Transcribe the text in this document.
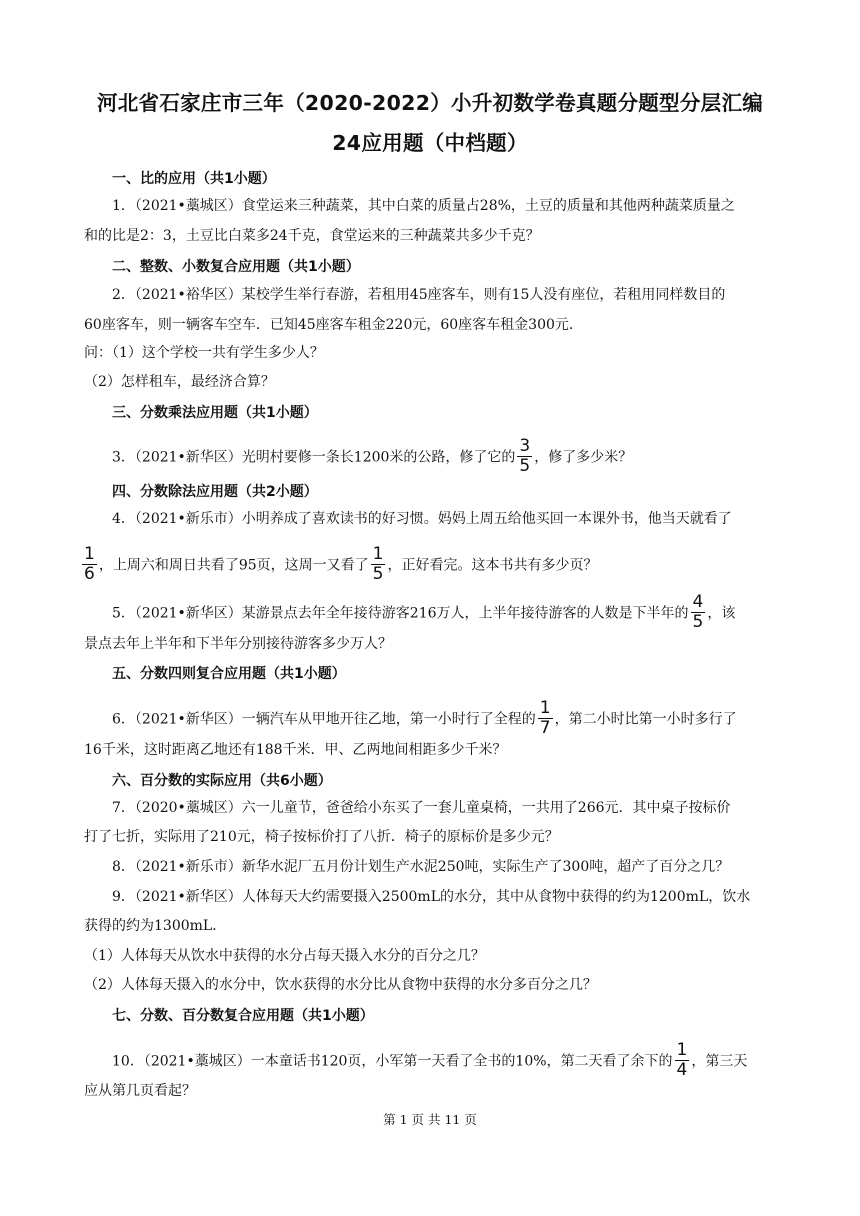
河北省石家庄市三年（2020-2022）小升初数学卷真题分题型分层汇编
24应用题（中档题）
一、比的应用（共1小题）
1．（2021•藁城区）食堂运来三种蔬菜，其中白菜的质量占28%，土豆的质量和其他两种蔬菜质量之
和的比是2：3，土豆比白菜多24千克，食堂运来的三种蔬菜共多少千克？
二、整数、小数复合应用题（共1小题）
2．（2021•裕华区）某校学生举行春游，若租用45座客车，则有15人没有座位，若租用同样数目的
60座客车，则一辆客车空车．已知45座客车租金220元，60座客车租金300元．
问：（1）这个学校一共有学生多少人？
（2）怎样租车，最经济合算？
三、分数乘法应用题（共1小题）
3．（2021•新华区）光明村要修一条长1200米的公路，修了它的 $\frac{3}{5}$ ，修了多少米？
四、分数除法应用题（共2小题）
4．（2021•新乐市）小明养成了喜欢读书的好习惯。妈妈上周五给他买回一本课外书，他当天就看了
$\frac{1}{6}$ ，上周六和周日共看了95页，这周一又看了 $\frac{1}{5}$ ，正好看完。这本书共有多少页？
5．（2021•新华区）某游景点去年全年接待游客216万人，上半年接待游客的人数是下半年的 $\frac{4}{5}$ ，该
景点去年上半年和下半年分别接待游客多少万人？
五、分数四则复合应用题（共1小题）
6．（2021•新华区）一辆汽车从甲地开往乙地，第一小时行了全程的 $\frac{1}{7}$ ，第二小时比第一小时多行了
16千米，这时距离乙地还有188千米．甲、乙两地间相距多少千米？
六、百分数的实际应用（共6小题）
7．（2020•藁城区）六一儿童节，爸爸给小东买了一套儿童桌椅，一共用了266元．其中桌子按标价
打了七折，实际用了210元，椅子按标价打了八折．椅子的原标价是多少元？
8．（2021•新乐市）新华水泥厂五月份计划生产水泥250吨，实际生产了300吨，超产了百分之几？
9．（2021•新华区）人体每天大约需要摄入2500mL的水分，其中从食物中获得的约为1200mL，饮水
获得的约为1300mL．
（1）人体每天从饮水中获得的水分占每天摄入水分的百分之几？
（2）人体每天摄入的水分中，饮水获得的水分比从食物中获得的水分多百分之几？
七、分数、百分数复合应用题（共1小题）
10．（2021•藁城区）一本童话书120页，小军第一天看了全书的10%，第二天看了余下的 $\frac{1}{4}$ ，第三天
应从第几页看起？
第 1 页 共 11 页
